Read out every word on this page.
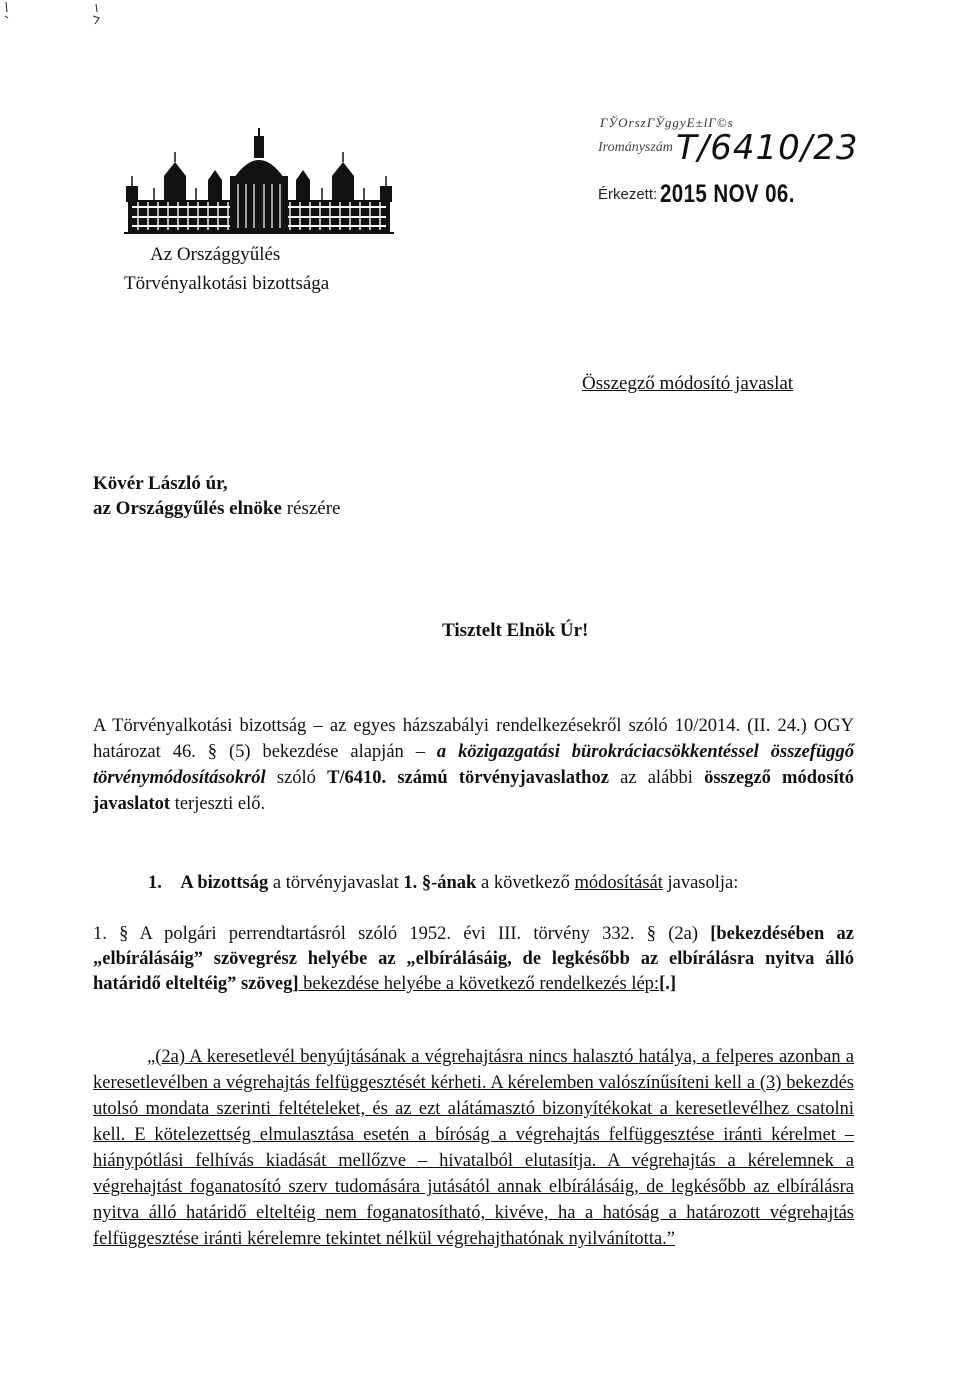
ГЎOrszГЎggyЕ±lГ©s
Irományszám T/6410/23
Érkezett: 2015 NOV 06.
Az Országgyűlés
Törvényalkotási bizottsága
Összegző módosító javaslat
Kövér László úr,
az Országgyűlés elnöke részére
Tisztelt Elnök Úr!
A Törvényalkotási bizottság – az egyes házszabályi rendelkezésekről szóló 10/2014. (II. 24.) OGY határozat 46. § (5) bekezdése alapján – a közigazgatási bürokráciacsökkentéssel összefüggő törvénymódosításokról szóló T/6410. számú törvényjavaslathoz az alábbi összegző módosító javaslatot terjeszti elő.
1. A bizottság a törvényjavaslat 1. §-ának a következő módosítását javasolja:
1. § A polgári perrendtartásról szóló 1952. évi III. törvény 332. § (2a) [bekezdésében az „elbírálásáig” szövegrész helyébe az „elbírálásáig, de legkésőbb az elbírálásra nyitva álló határidő elteltéig” szöveg] bekezdése helyébe a következő rendelkezés lép:[.]
„(2a) A keresetlevél benyújtásának a végrehajtásra nincs halasztó hatálya, a felperes azonban a keresetlevélben a végrehajtás felfüggesztését kérheti. A kérelemben valószínűsíteni kell a (3) bekezdés utolsó mondata szerinti feltételeket, és az ezt alátámasztó bizonyítékokat a keresetlevélhez csatolni kell. E kötelezettség elmulasztása esetén a bíróság a végrehajtás felfüggesztése iránti kérelmet – hiánypótlási felhívás kiadását mellőzve – hivatalból elutasítja. A végrehajtás a kérelemnek a végrehajtást foganatosító szerv tudomására jutásától annak elbírálásáig, de legkésőbb az elbírálásra nyitva álló határidő elteltéig nem foganatosítható, kivéve, ha a hatóság a határozott végrehajtás felfüggesztése iránti kérelemre tekintet nélkül végrehajthatónak nyilvánította.”
